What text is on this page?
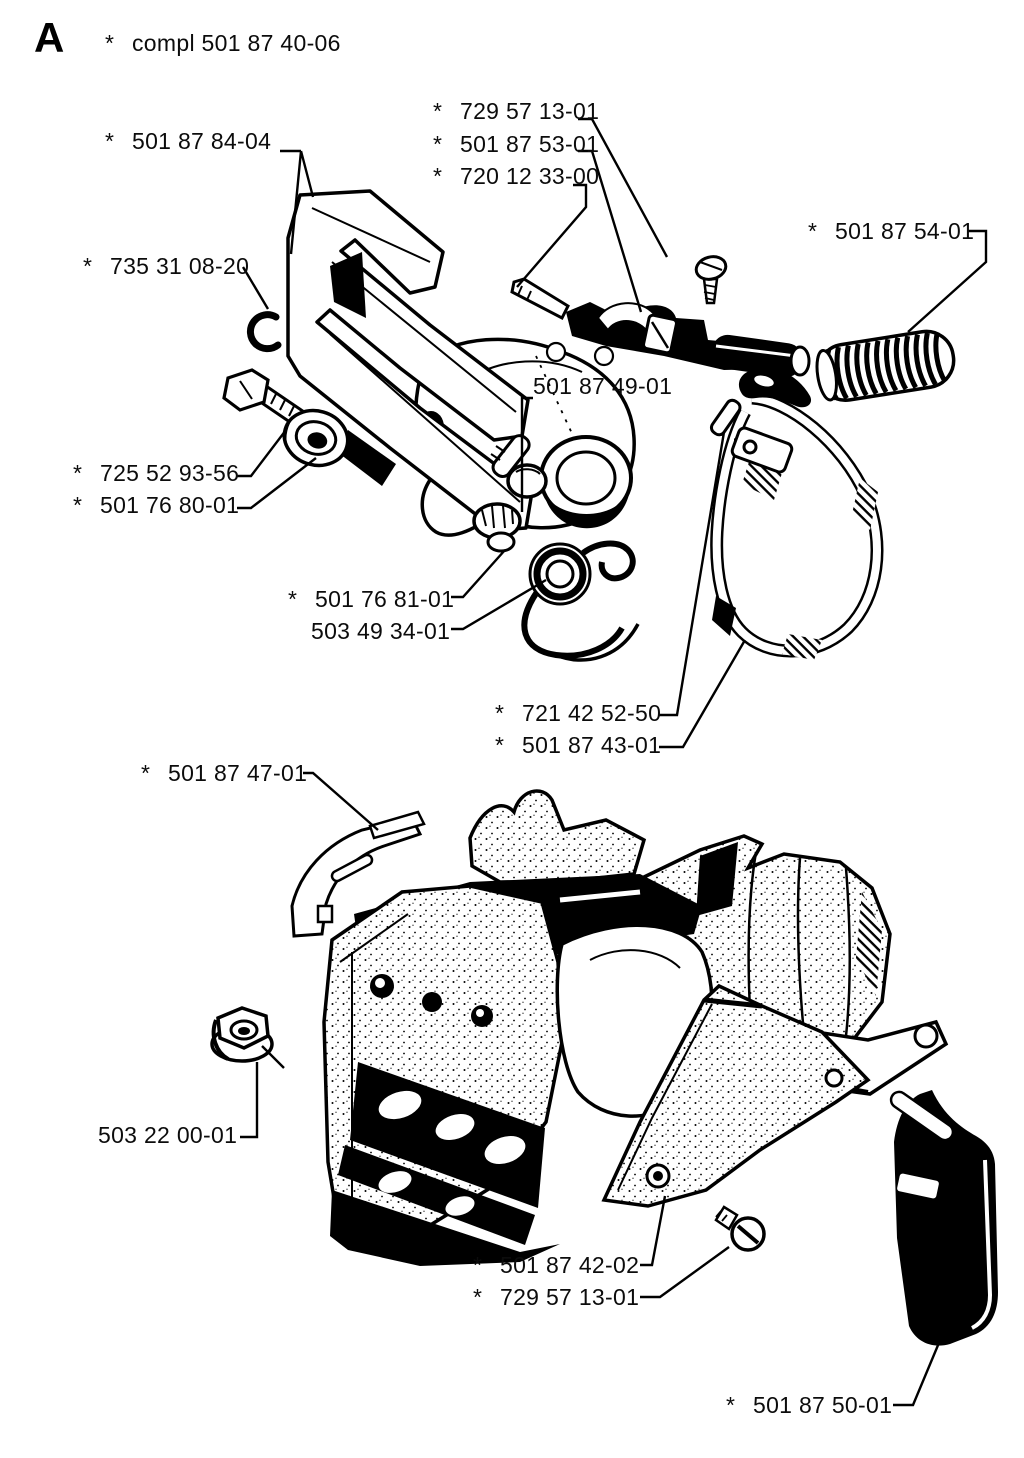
A * compl 501 87 40-06
* 501 87 84-04
* 729 57 13-01
* 501 87 53-01
* 720 12 33-00
* 501 87 54-01
* 735 31 08-20
501 87 49-01
* 725 52 93-56
* 501 76 80-01
* 501 76 81-01
503 49 34-01
* 721 42 52-50
* 501 87 43-01
* 501 87 47-01
503 22 00-01
* 501 87 42-02
* 729 57 13-01
* 501 87 50-01
